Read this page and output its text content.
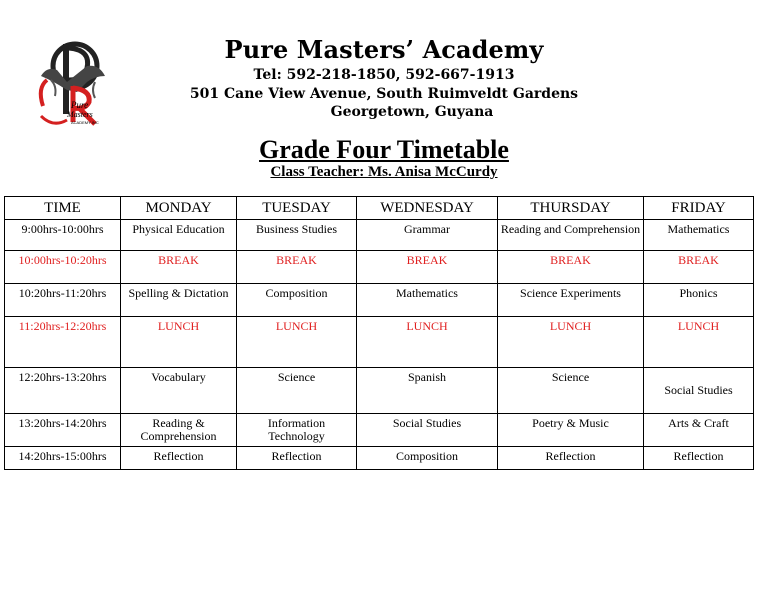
Pure
Masters
ACADEMY INC
Pure Masters’ Academy
Tel: 592-218-1850, 592-667-1913
501 Cane View Avenue, South Ruimveldt Gardens
Georgetown, Guyana
Grade Four Timetable
Class Teacher: Ms. Anisa McCurdy
TIME	MONDAY	TUESDAY	WEDNESDAY	THURSDAY	FRIDAY
9:00hrs-10:00hrs	Physical Education	Business Studies	Grammar	Reading and Comprehension	Mathematics
10:00hrs-10:20hrs	BREAK	BREAK	BREAK	BREAK	BREAK
10:20hrs-11:20hrs	Spelling & Dictation	Composition	Mathematics	Science Experiments	Phonics
11:20hrs-12:20hrs	LUNCH	LUNCH	LUNCH	LUNCH	LUNCH
12:20hrs-13:20hrs	Vocabulary	Science	Spanish	Science	Social Studies
13:20hrs-14:20hrs	Reading & Comprehension	Information Technology	Social Studies	Poetry & Music	Arts & Craft
14:20hrs-15:00hrs	Reflection	Reflection	Composition	Reflection	Reflection
